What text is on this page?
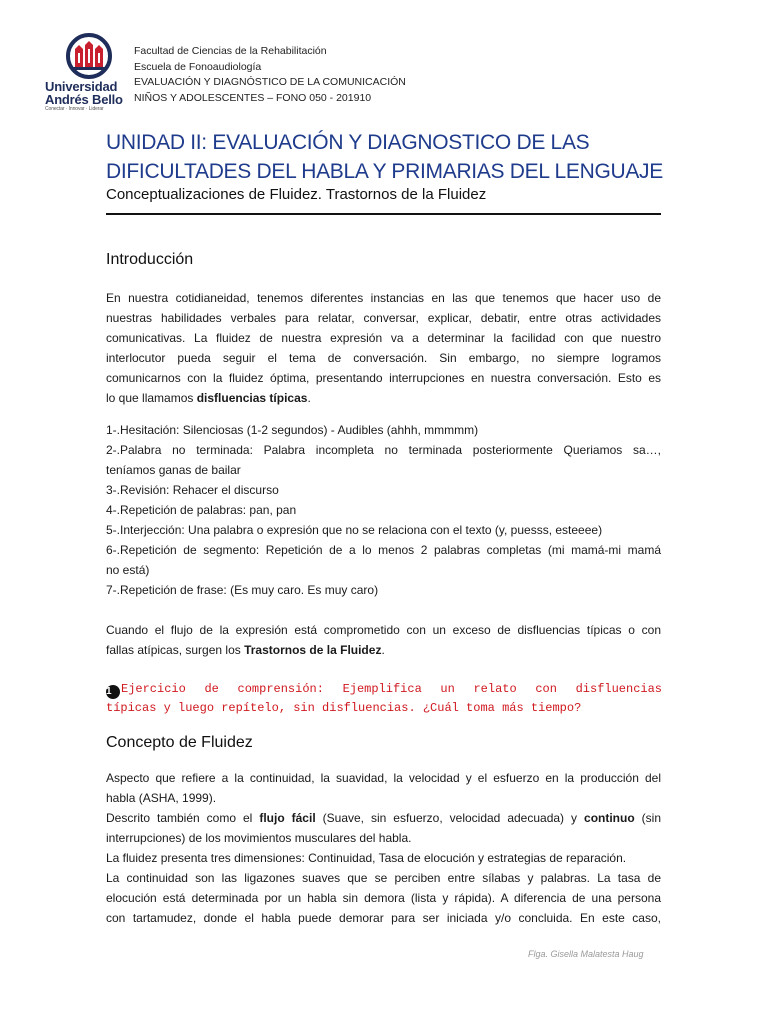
Universidad
Andrés Bello
Conectar · Innovar · Liderar
Facultad de Ciencias de la Rehabilitación
Escuela de Fonoaudiología
EVALUACIÓN Y DIAGNÓSTICO DE LA COMUNICACIÓN
NIÑOS Y ADOLESCENTES – FONO 050 - 201910
UNIDAD II: EVALUACIÓN Y DIAGNOSTICO DE LAS
DIFICULTADES DEL HABLA Y PRIMARIAS DEL LENGUAJE
Conceptualizaciones de Fluidez. Trastornos de la Fluidez
Introducción
En nuestra cotidianeidad, tenemos diferentes instancias en las que tenemos que hacer uso de
nuestras habilidades verbales para relatar, conversar, explicar, debatir, entre otras actividades
comunicativas. La fluidez de nuestra expresión va a determinar la facilidad con que nuestro
interlocutor pueda seguir el tema de conversación. Sin embargo, no siempre logramos
comunicarnos con la fluidez óptima, presentando interrupciones en nuestra conversación. Esto es
lo que llamamos disfluencias típicas.
1-.Hesitación: Silenciosas (1-2 segundos) - Audibles (ahhh, mmmmm)
2-.Palabra no terminada: Palabra incompleta no terminada posteriormente Queriamos sa…,
teníamos ganas de bailar
3-.Revisión: Rehacer el discurso
4-.Repetición de palabras: pan, pan
5-.Interjección: Una palabra o expresión que no se relaciona con el texto (y, puesss, esteeee)
6-.Repetición de segmento: Repetición de a lo menos 2 palabras completas (mi mamá-mi mamá
no está)
7-.Repetición de frase: (Es muy caro. Es muy caro)
Cuando el flujo de la expresión está comprometido con un exceso de disfluencias típicas o con
fallas atípicas, surgen los Trastornos de la Fluidez.
1 Ejercicio de comprensión: Ejemplifica un relato con disfluencias
típicas y luego repítelo, sin disfluencias. ¿Cuál toma más tiempo?
Concepto de Fluidez
Aspecto que refiere a la continuidad, la suavidad, la velocidad y el esfuerzo en la producción del
habla (ASHA, 1999).
Descrito también como el flujo fácil (Suave, sin esfuerzo, velocidad adecuada) y continuo (sin
interrupciones) de los movimientos musculares del habla.
La fluidez presenta tres dimensiones: Continuidad, Tasa de elocución y estrategias de reparación.
La continuidad son las ligazones suaves que se perciben entre sílabas y palabras. La tasa de
elocución está determinada por un habla sin demora (lista y rápida). A diferencia de una persona
con tartamudez, donde el habla puede demorar para ser iniciada y/o concluida. En este caso,
Flga. Gisella Malatesta Haug
